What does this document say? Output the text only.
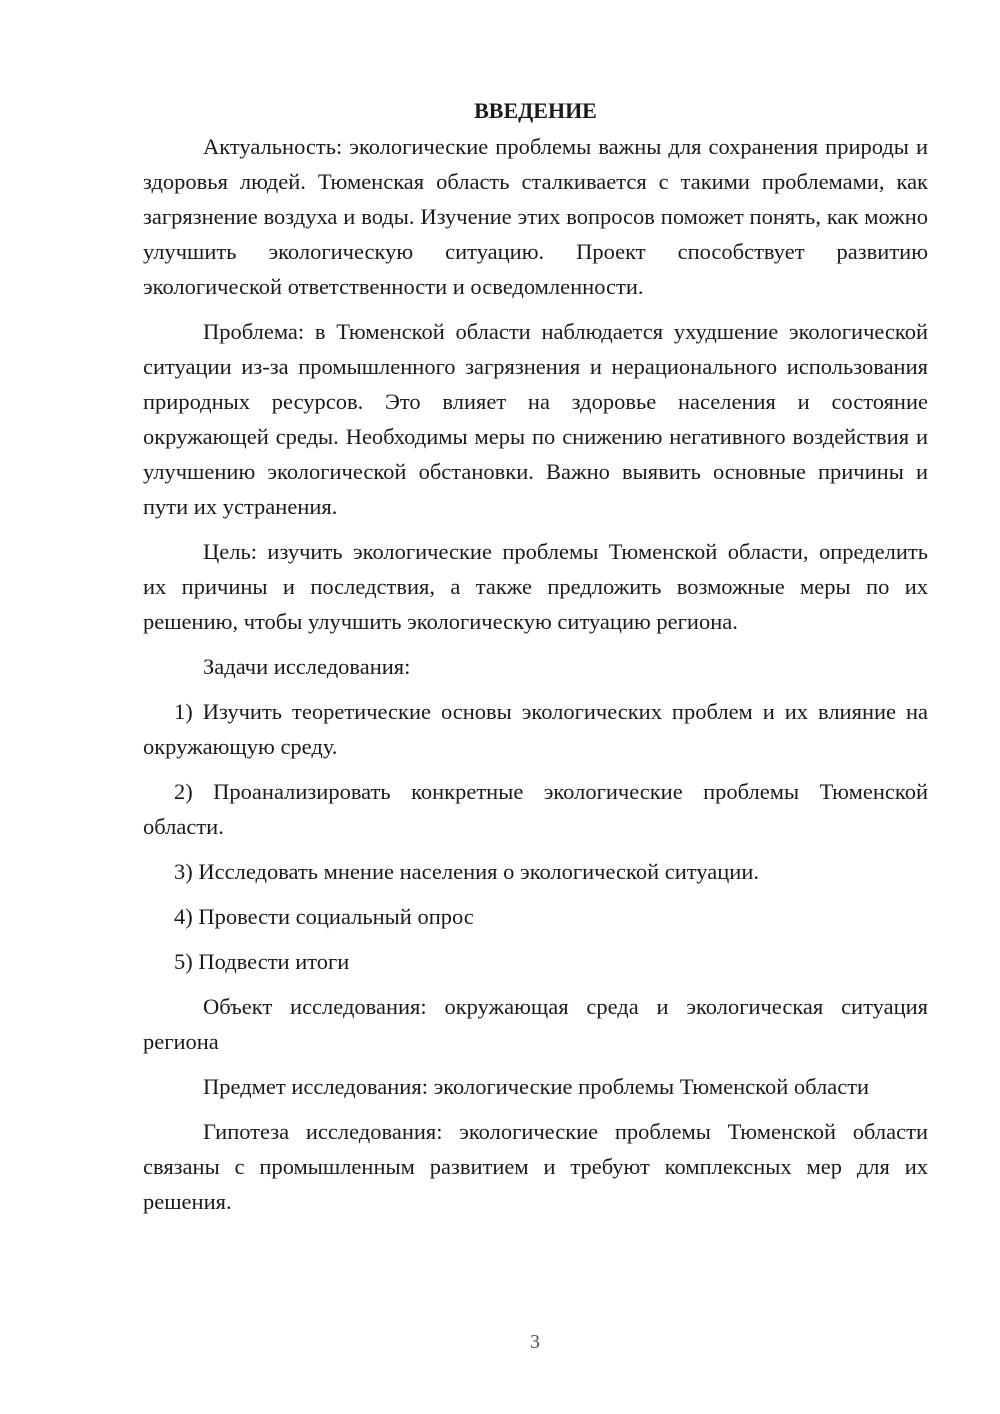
ВВЕДЕНИЕ

Актуальность: экологические проблемы важны для сохранения природы и здоровья людей. Тюменская область сталкивается с такими проблемами, как загрязнение воздуха и воды. Изучение этих вопросов поможет понять, как можно улучшить экологическую ситуацию. Проект способствует развитию экологической ответственности и осведомленности.

Проблема: в Тюменской области наблюдается ухудшение экологической ситуации из-за промышленного загрязнения и нерационального использования природных ресурсов. Это влияет на здоровье населения и состояние окружающей среды. Необходимы меры по снижению негативного воздействия и улучшению экологической обстановки. Важно выявить основные причины и пути их устранения.

Цель: изучить экологические проблемы Тюменской области, определить их причины и последствия, а также предложить возможные меры по их решению, чтобы улучшить экологическую ситуацию региона.

Задачи исследования:

1) Изучить теоретические основы экологических проблем и их влияние на окружающую среду.

2) Проанализировать конкретные экологические проблемы Тюменской области.

3) Исследовать мнение населения о экологической ситуации.

4) Провести социальный опрос

5) Подвести итоги

Объект исследования: окружающая среда и экологическая ситуация региона

Предмет исследования: экологические проблемы Тюменской области

Гипотеза исследования: экологические проблемы Тюменской области связаны с промышленным развитием и требуют комплексных мер для их решения.

3
